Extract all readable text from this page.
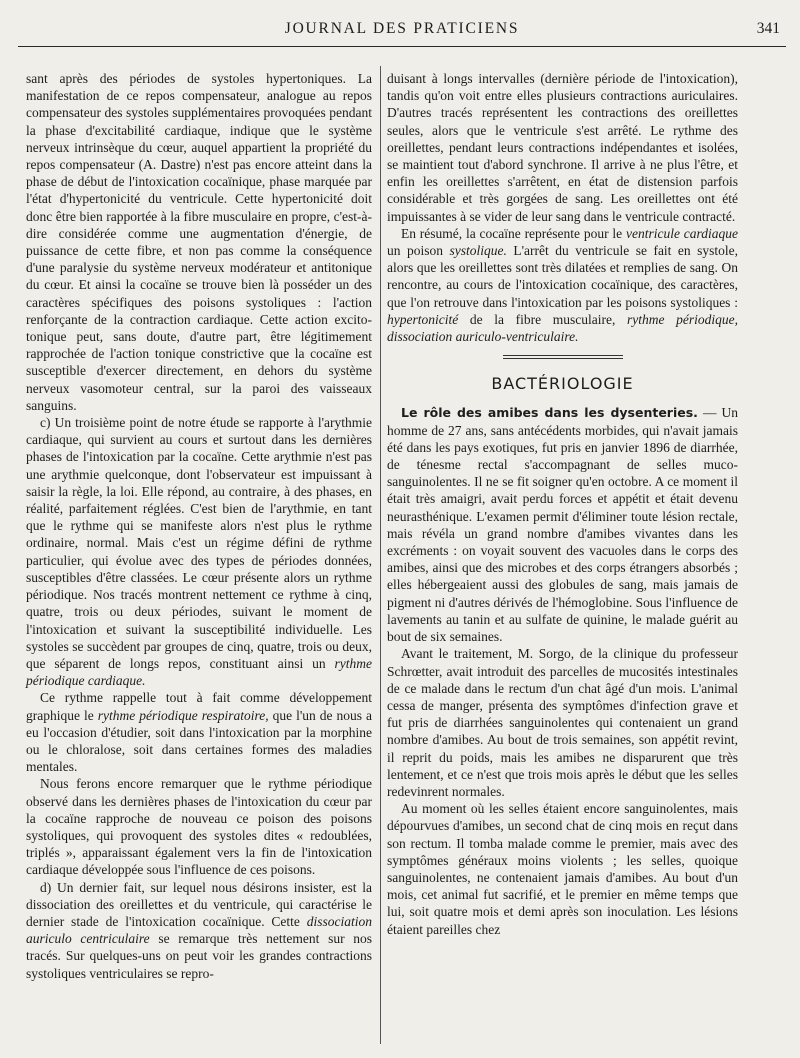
JOURNAL DES PRATICIENS	341

sant après des périodes de systoles hypertoniques. La manifestation de ce repos compensateur, analogue au repos compensateur des systoles supplémentaires provoquées pendant la phase d'excitabilité cardiaque, indique que le système nerveux intrinsèque du cœur, auquel appartient la propriété du repos compensateur (A. Dastre) n'est pas encore atteint dans la phase de début de l'intoxication cocaïnique, phase marquée par l'état d'hypertonicité du ventricule. Cette hypertonicité doit donc être bien rapportée à la fibre musculaire en propre, c'est-à-dire considérée comme une augmentation d'énergie, de puissance de cette fibre, et non pas comme la conséquence d'une paralysie du système nerveux modérateur et antitonique du cœur. Et ainsi la cocaïne se trouve bien là posséder un des caractères spécifiques des poisons systoliques : l'action renforçante de la contraction cardiaque. Cette action excito-tonique peut, sans doute, d'autre part, être légitimement rapprochée de l'action tonique constrictive que la cocaïne est susceptible d'exercer directement, en dehors du système nerveux vasomoteur central, sur la paroi des vaisseaux sanguins.

c) Un troisième point de notre étude se rapporte à l'arythmie cardiaque, qui survient au cours et surtout dans les dernières phases de l'intoxication par la cocaïne. Cette arythmie n'est pas une arythmie quelconque, dont l'observateur est impuissant à saisir la règle, la loi. Elle répond, au contraire, à des phases, en réalité, parfaitement réglées. C'est bien de l'arythmie, en tant que le rythme qui se manifeste alors n'est plus le rythme ordinaire, normal. Mais c'est un régime défini de rythme particulier, qui évolue avec des types de périodes données, susceptibles d'être classées. Le cœur présente alors un rythme périodique. Nos tracés montrent nettement ce rythme à cinq, quatre, trois ou deux périodes, suivant le moment de l'intoxication et suivant la susceptibilité individuelle. Les systoles se succèdent par groupes de cinq, quatre, trois ou deux, que séparent de longs repos, constituant ainsi un rythme périodique cardiaque.

Ce rythme rappelle tout à fait comme développement graphique le rythme périodique respiratoire, que l'un de nous a eu l'occasion d'étudier, soit dans l'intoxication par la morphine ou le chloralose, soit dans certaines formes des maladies mentales.

Nous ferons encore remarquer que le rythme périodique observé dans les dernières phases de l'intoxication du cœur par la cocaïne rapproche de nouveau ce poison des poisons systoliques, qui provoquent des systoles dites « redoublées, triplés », apparaissant également vers la fin de l'intoxication cardiaque développée sous l'influence de ces poisons.

d) Un dernier fait, sur lequel nous désirons insister, est la dissociation des oreillettes et du ventricule, qui caractérise le dernier stade de l'intoxication cocaïnique. Cette dissociation auriculo centriculaire se remarque très nettement sur nos tracés. Sur quelques-uns on peut voir les grandes contractions systoliques ventriculaires se repro-

duisant à longs intervalles (dernière période de l'intoxication), tandis qu'on voit entre elles plusieurs contractions auriculaires. D'autres tracés représentent les contractions des oreillettes seules, alors que le ventricule s'est arrêté. Le rythme des oreillettes, pendant leurs contractions indépendantes et isolées, se maintient tout d'abord synchrone. Il arrive à ne plus l'être, et enfin les oreillettes s'arrêtent, en état de distension parfois considérable et très gorgées de sang. Les oreillettes ont été impuissantes à se vider de leur sang dans le ventricule contracté.

En résumé, la cocaïne représente pour le ventricule cardiaque un poison systolique. L'arrêt du ventricule se fait en systole, alors que les oreillettes sont très dilatées et remplies de sang. On rencontre, au cours de l'intoxication cocaïnique, des caractères, que l'on retrouve dans l'intoxication par les poisons systoliques : hypertonicité de la fibre musculaire, rythme périodique, dissociation auriculo-ventriculaire.

BACTÉRIOLOGIE

Le rôle des amibes dans les dysenteries. — Un homme de 27 ans, sans antécédents morbides, qui n'avait jamais été dans les pays exotiques, fut pris en janvier 1896 de diarrhée, de ténesme rectal s'accompagnant de selles muco-sanguinolentes. Il ne se fit soigner qu'en octobre. A ce moment il était très amaigri, avait perdu forces et appétit et était devenu neurasthénique. L'examen permit d'éliminer toute lésion rectale, mais révéla un grand nombre d'amibes vivantes dans les excréments : on voyait souvent des vacuoles dans le corps des amibes, ainsi que des microbes et des corps étrangers absorbés ; elles hébergeaient aussi des globules de sang, mais jamais de pigment ni d'autres dérivés de l'hémoglobine. Sous l'influence de lavements au tanin et au sulfate de quinine, le malade guérit au bout de six semaines.

Avant le traitement, M. Sorgo, de la clinique du professeur Schrœtter, avait introduit des parcelles de mucosités intestinales de ce malade dans le rectum d'un chat âgé d'un mois. L'animal cessa de manger, présenta des symptômes d'infection grave et fut pris de diarrhées sanguinolentes qui contenaient un grand nombre d'amibes. Au bout de trois semaines, son appétit revint, il reprit du poids, mais les amibes ne disparurent que très lentement, et ce n'est que trois mois après le début que les selles redevinrent normales.

Au moment où les selles étaient encore sanguinolentes, mais dépourvues d'amibes, un second chat de cinq mois en reçut dans son rectum. Il tomba malade comme le premier, mais avec des symptômes généraux moins violents ; les selles, quoique sanguinolentes, ne contenaient jamais d'amibes. Au bout d'un mois, cet animal fut sacrifié, et le premier en même temps que lui, soit quatre mois et demi après son inoculation. Les lésions étaient pareilles chez
